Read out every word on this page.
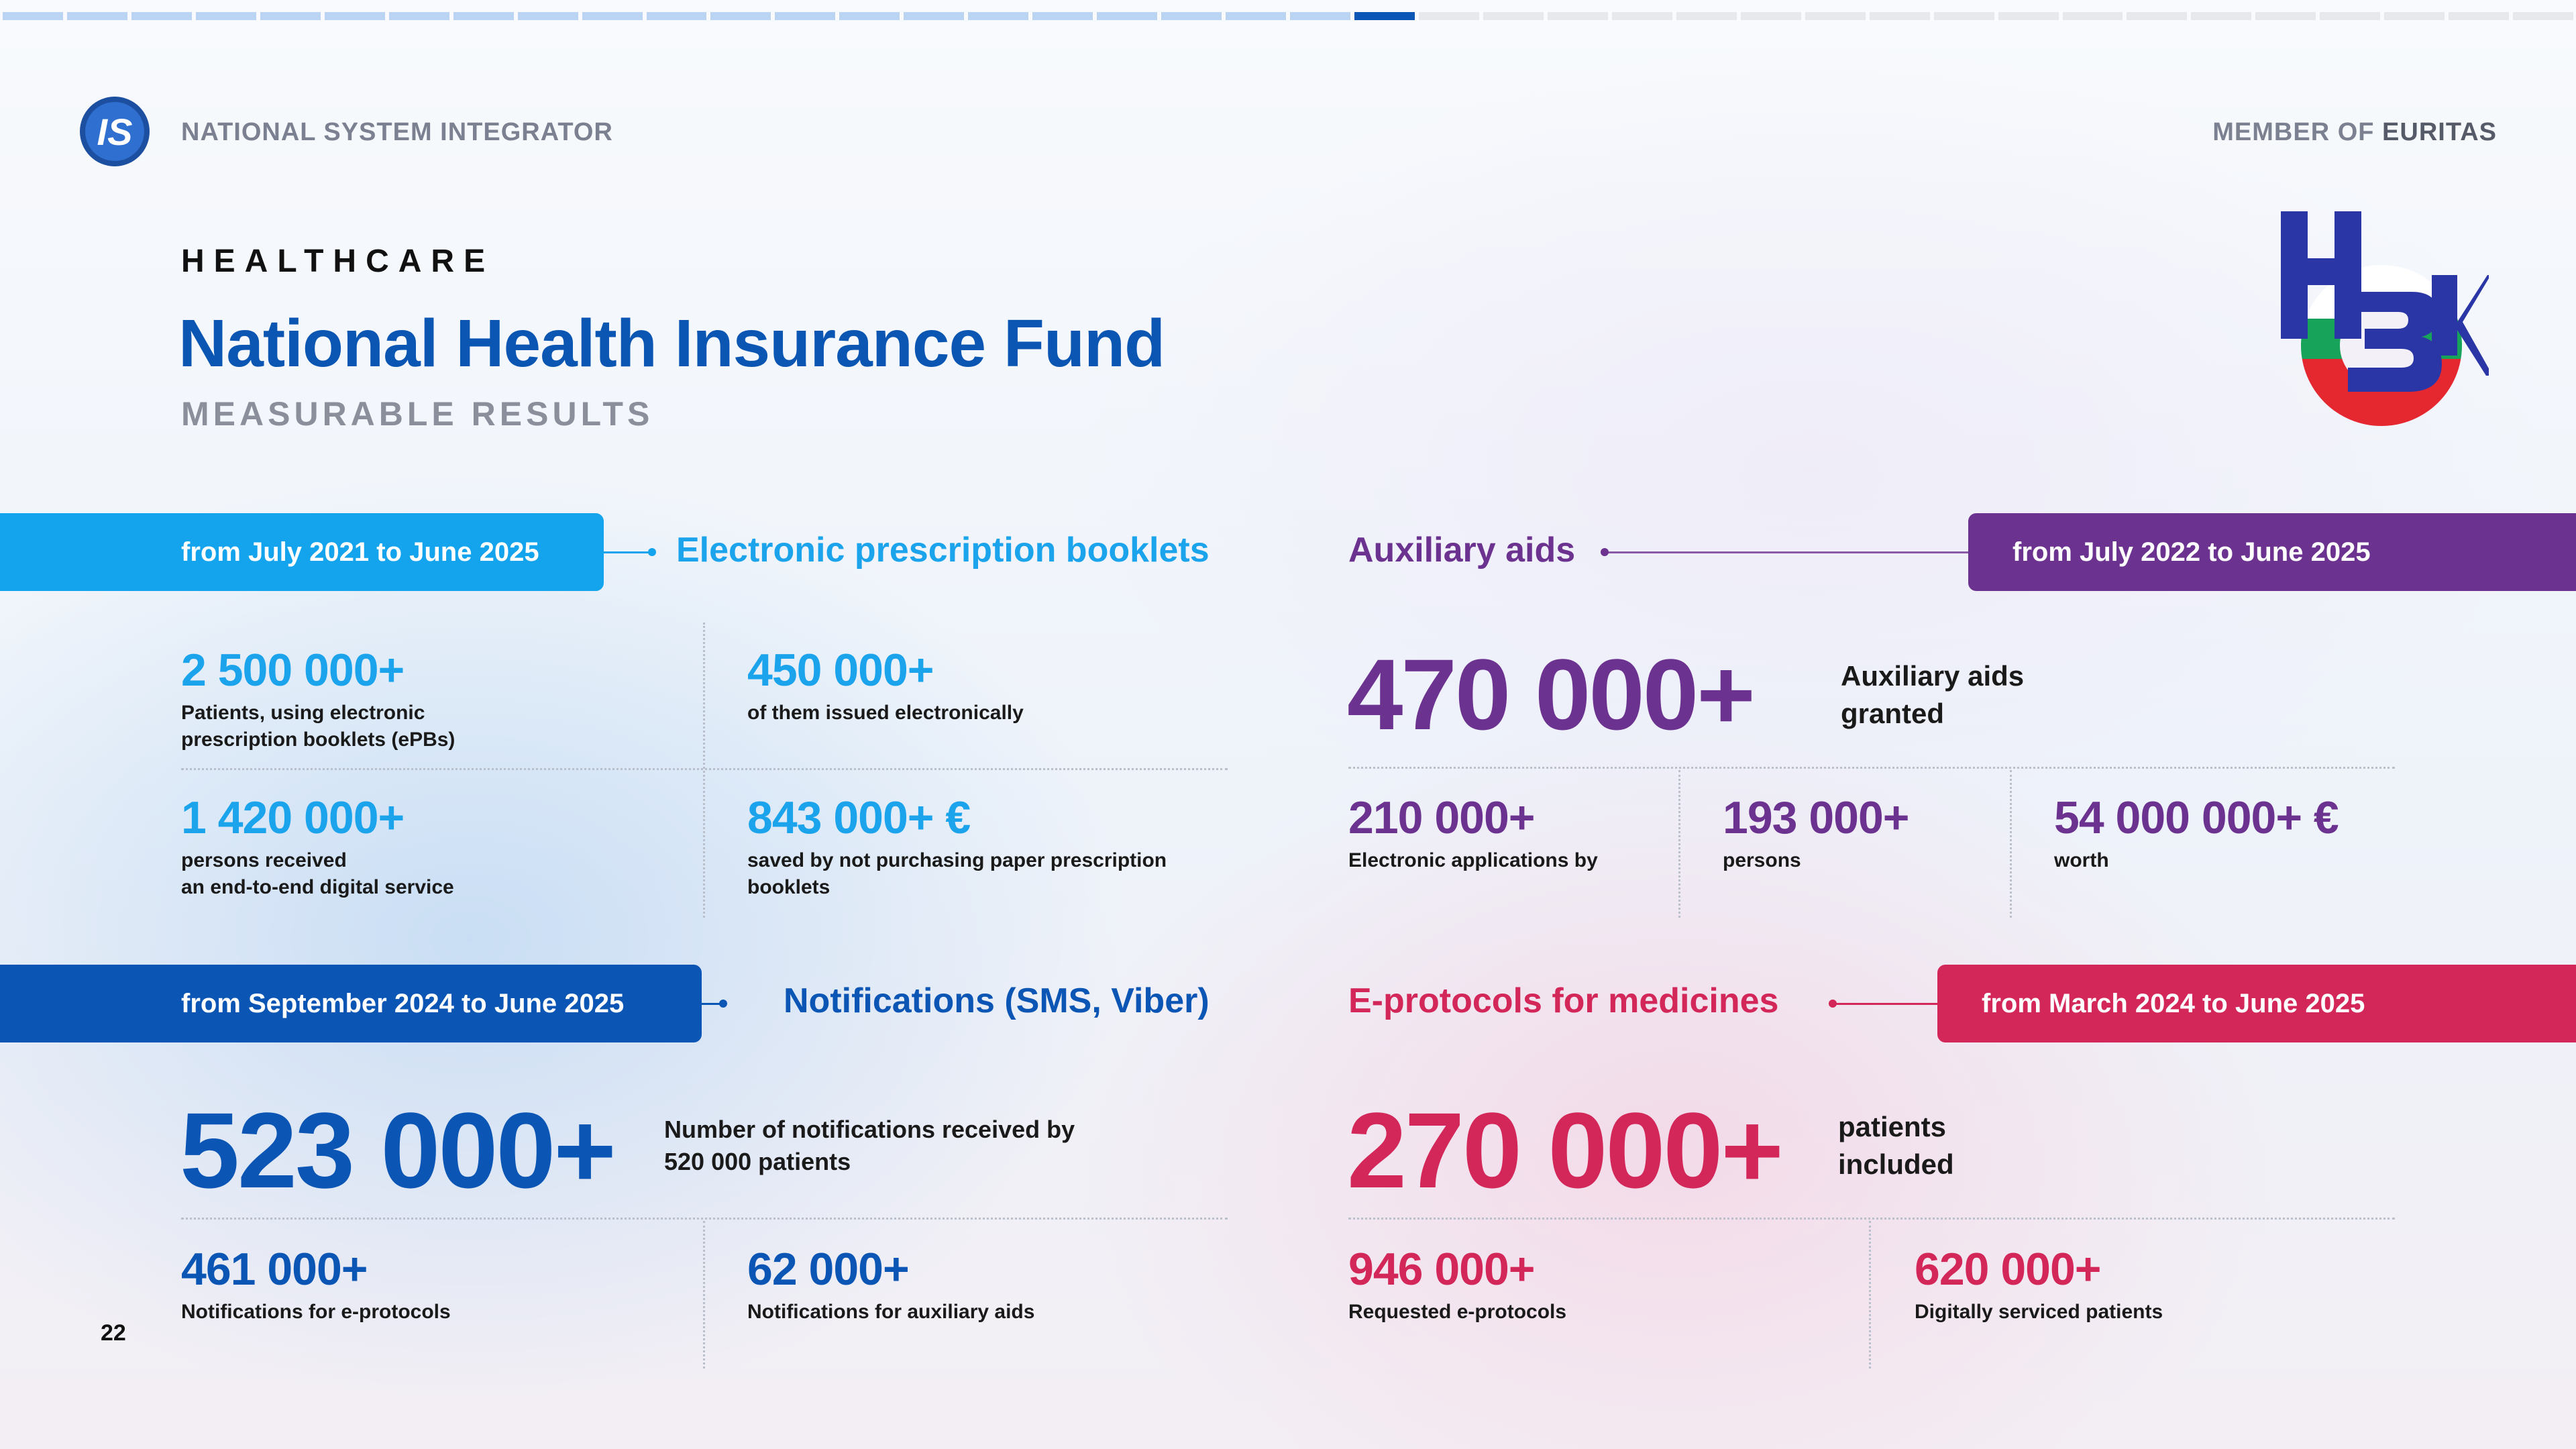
IS NATIONAL SYSTEM INTEGRATOR	MEMBER OF EURITAS
HEALTHCARE
National Health Insurance Fund
MEASURABLE RESULTS
from July 2021 to June 2025	Electronic prescription booklets
2 500 000+
Patients, using electronic
prescription booklets (ePBs)
450 000+
of them issued electronically
1 420 000+
persons received
an end-to-end digital service
843 000+ €
saved by not purchasing paper prescription
booklets
Auxiliary aids	from July 2022 to June 2025
470 000+	Auxiliary aids
granted
210 000+
Electronic applications by
193 000+
persons
54 000 000+ €
worth
from September 2024 to June 2025	Notifications (SMS, Viber)
523 000+ Number of notifications received by
520 000 patients
461 000+
Notifications for e-protocols
62 000+
Notifications for auxiliary aids
E-protocols for medicines	from March 2024 to June 2025
270 000+ patients
included
946 000+
Requested e-protocols
620 000+
Digitally serviced patients
22
